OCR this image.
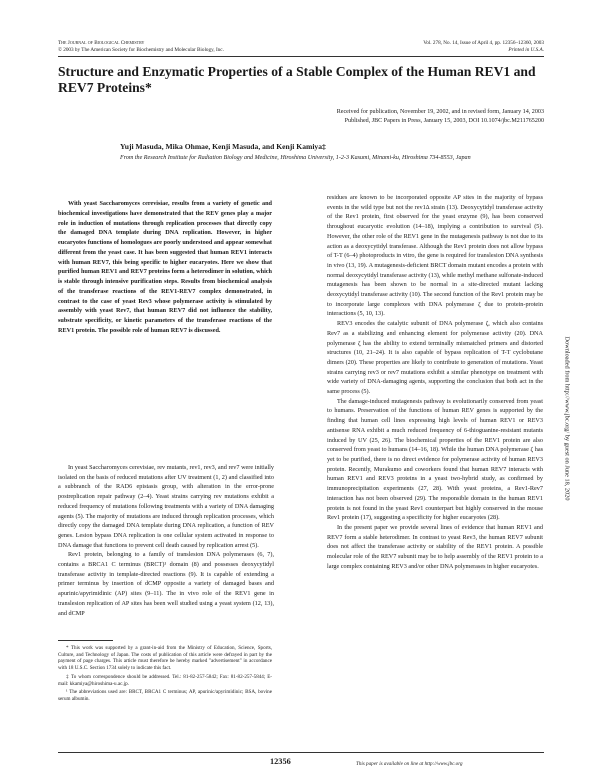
The Journal of Biological Chemistry
© 2003 by The American Society for Biochemistry and Molecular Biology, Inc.
Vol. 278, No. 14, Issue of April 4, pp. 12356–12360, 2003
Printed in U.S.A.
Structure and Enzymatic Properties of a Stable Complex of the Human REV1 and REV7 Proteins*
Received for publication, November 19, 2002, and in revised form, January 14, 2003
Published, JBC Papers in Press, January 15, 2003, DOI 10.1074/jbc.M211765200
Yuji Masuda, Mika Ohmae, Kenji Masuda, and Kenji Kamiya‡
From the Research Institute for Radiation Biology and Medicine, Hiroshima University, 1-2-3 Kasumi, Minami-ku, Hiroshima 734-8553, Japan
With yeast Saccharomyces cerevisiae, results from a variety of genetic and biochemical investigations have demonstrated that the REV genes play a major role in induction of mutations through replication processes that directly copy the damaged DNA template during DNA replication. However, in higher eucaryotes functions of homologues are poorly understood and appear somewhat different from the yeast case. It has been suggested that human REV1 interacts with human REV7, this being specific to higher eucaryotes. Here we show that purified human REV1 and REV7 proteins form a heterodimer in solution, which is stable through intensive purification steps. Results from biochemical analysis of the transferase reactions of the REV1-REV7 complex demonstrated, in contrast to the case of yeast Rev3 whose polymerase activity is stimulated by assembly with yeast Rev7, that human REV7 did not influence the stability, substrate specificity, or kinetic parameters of the transferase reactions of the REV1 protein. The possible role of human REV7 is discussed.

In yeast Saccharomyces cerevisiae, rev mutants, rev1, rev3, and rev7 were initially isolated on the basis of reduced mutations after UV treatment (1, 2) and classified into a subbranch of the RAD6 epistasis group, with alteration in the error-prone postreplication repair pathway (2–4). Yeast strains carrying rev mutations exhibit a reduced frequency of mutations following treatments with a variety of DNA damaging agents (5). The majority of mutations are induced through replication processes, which directly copy the damaged DNA template during DNA replication, a function of REV genes. Lesion bypass DNA replication is one cellular system activated in response to DNA damage that functions to prevent cell death caused by replication arrest (5).

Rev1 protein, belonging to a family of translesion DNA polymerases (6, 7), contains a BRCA1 C terminus (BRCT)¹ domain (8) and possesses deoxycytidyl transferase activity in template-directed reactions (9). It is capable of extending a primer terminus by insertion of dCMP opposite a variety of damaged bases and apurinic/apyrimidinic (AP) sites (9–11). The in vivo role of the REV1 gene in translesion replication of AP sites has been well studied using a yeast system (12, 13), and dCMP

residues are known to be incorporated opposite AP sites in the majority of bypass events in the wild type but not the rev1Δ strain (13). Deoxycytidyl transferase activity of the Rev1 protein, first observed for the yeast enzyme (9), has been conserved throughout eucaryotic evolution (14–18), implying a contribution to survival (5). However, the other role of the REV1 gene in the mutagenesis pathway is not due to its action as a deoxycytidyl transferase. Although the Rev1 protein does not allow bypass of T-T (6–4) photoproducts in vitro, the gene is required for translesion DNA synthesis in vivo (13, 19). A mutagenesis-deficient BRCT domain mutant encodes a protein with normal deoxycytidyl transferase activity (13), while methyl methane sulfonate-induced mutagenesis has been shown to be normal in a site-directed mutant lacking deoxycytidyl transferase activity (10). The second function of the Rev1 protein may be to incorporate large complexes with DNA polymerase ζ due to protein-protein interactions (5, 10, 13).

REV3 encodes the catalytic subunit of DNA polymerase ζ, which also contains Rev7 as a stabilizing and enhancing element for polymerase activity (20). DNA polymerase ζ has the ability to extend terminally mismatched primers and distorted structures (10, 21–24). It is also capable of bypass replication of T-T cyclobutane dimers (20). These properties are likely to contribute to generation of mutations. Yeast strains carrying rev3 or rev7 mutations exhibit a similar phenotype on treatment with wide variety of DNA-damaging agents, supporting the conclusion that both act in the same process (5).

The damage-induced mutagenesis pathway is evolutionarily conserved from yeast to humans. Preservation of the functions of human REV genes is supported by the finding that human cell lines expressing high levels of human REV1 or REV3 antisense RNA exhibit a much reduced frequency of 6-thioguanine-resistant mutants induced by UV (25, 26). The biochemical properties of the REV1 protein are also conserved from yeast to humans (14–16, 18). While the human DNA polymerase ζ has yet to be purified, there is no direct evidence for polymerase activity of human REV3 protein. Recently, Murakumo and coworkers found that human REV7 interacts with human REV1 and REV3 proteins in a yeast two-hybrid study, as confirmed by immunoprecipitation experiments (27, 28). With yeast proteins, a Rev1-Rev7 interaction has not been observed (29). The responsible domain in the human REV1 protein is not found in the yeast Rev1 counterpart but highly conserved in the mouse Rev1 protein (17), suggesting a specificity for higher eucaryotes (28).

In the present paper we provide several lines of evidence that human REV1 and REV7 form a stable heterodimer. In contrast to yeast Rev3, the human REV7 subunit does not affect the transferase activity or stability of the REV1 protein. A possible molecular role of the REV7 subunit may be to help assembly of the REV1 protein to a large complex containing REV3 and/or other DNA polymerases in higher eucaryotes.

* This work was supported by a grant-in-aid from the Ministry of Education, Science, Sports, Culture, and Technology of Japan. The costs of publication of this article were defrayed in part by the payment of page charges. This article must therefore be hereby marked "advertisement" in accordance with 18 U.S.C. Section 1734 solely to indicate this fact.

‡ To whom correspondence should be addressed. Tel.: 81-82-257-5842; Fax: 81-82-257-5844; E-mail: kkamiya@hiroshima-u.ac.jp.

¹ The abbreviations used are: BRCT, BRCA1 C terminus; AP, apurinic/apyrimidinic; BSA, bovine serum albumin.

12356	This paper is available on line at http://www.jbc.org
Downloaded from http://www.jbc.org/ by guest on June 18, 2020
